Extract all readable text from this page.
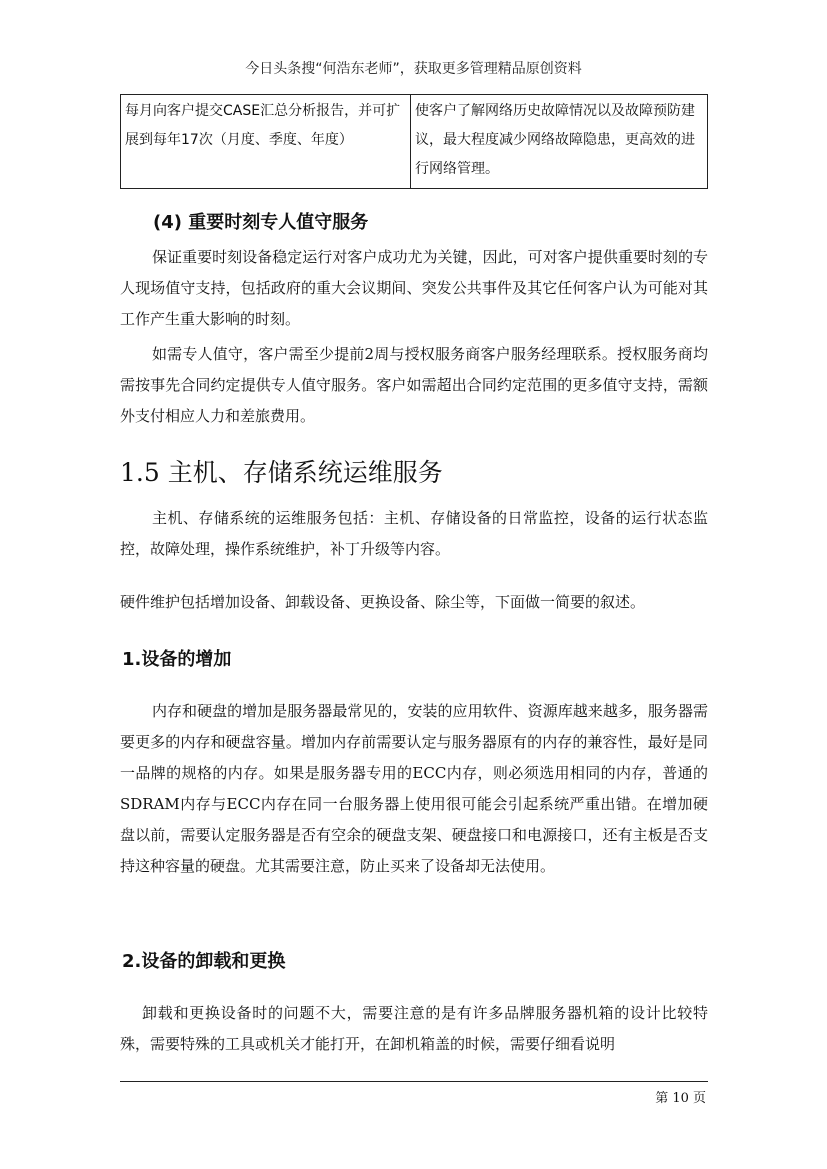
今日头条搜“何浩东老师”，获取更多管理精品原创资料
每月向客户提交CASE汇总分析报告，并可扩展到每年17次（月度、季度、年度）	使客户了解网络历史故障情况以及故障预防建议，最大程度减少网络故障隐患，更高效的进行网络管理。
(4) 重要时刻专人值守服务
保证重要时刻设备稳定运行对客户成功尤为关键，因此，可对客户提供重要时刻的专人现场值守支持，包括政府的重大会议期间、突发公共事件及其它任何客户认为可能对其工作产生重大影响的时刻。
如需专人值守，客户需至少提前2周与授权服务商客户服务经理联系。授权服务商均需按事先合同约定提供专人值守服务。客户如需超出合同约定范围的更多值守支持，需额外支付相应人力和差旅费用。
1.5 主机、存储系统运维服务
主机、存储系统的运维服务包括：主机、存储设备的日常监控，设备的运行状态监控，故障处理，操作系统维护，补丁升级等内容。
硬件维护包括增加设备、卸载设备、更换设备、除尘等，下面做一简要的叙述。
1.设备的增加
内存和硬盘的增加是服务器最常见的，安装的应用软件、资源库越来越多，服务器需要更多的内存和硬盘容量。增加内存前需要认定与服务器原有的内存的兼容性，最好是同一品牌的规格的内存。如果是服务器专用的ECC内存，则必须选用相同的内存，普通的SDRAM内存与ECC内存在同一台服务器上使用很可能会引起系统严重出错。在增加硬盘以前，需要认定服务器是否有空余的硬盘支架、硬盘接口和电源接口，还有主板是否支持这种容量的硬盘。尤其需要注意，防止买来了设备却无法使用。
2.设备的卸载和更换
卸载和更换设备时的问题不大，需要注意的是有许多品牌服务器机箱的设计比较特殊，需要特殊的工具或机关才能打开，在卸机箱盖的时候，需要仔细看说明
第 10 页
